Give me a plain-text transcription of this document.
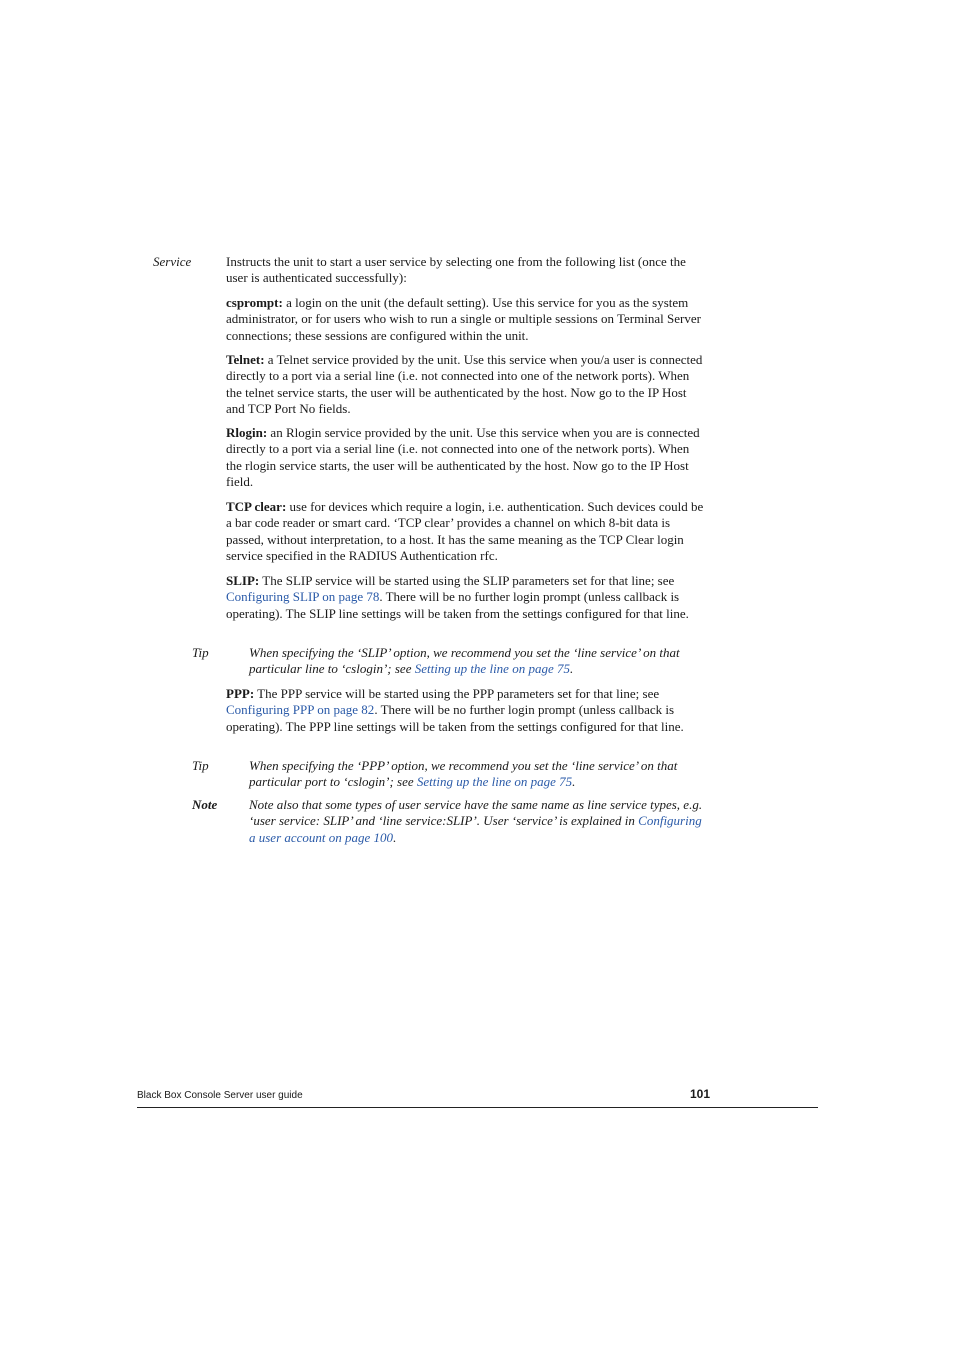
Service	Instructs the unit to start a user service by selecting one from the following list (once the user is authenticated successfully):

csprompt: a login on the unit (the default setting). Use this service for you as the system administrator, or for users who wish to run a single or multiple sessions on Terminal Server connections; these sessions are configured within the unit.

Telnet: a Telnet service provided by the unit. Use this service when you/a user is connected directly to a port via a serial line (i.e. not connected into one of the network ports). When the telnet service starts, the user will be authenticated by the host. Now go to the IP Host and TCP Port No fields.

Rlogin: an Rlogin service provided by the unit. Use this service when you are is connected directly to a port via a serial line (i.e. not connected into one of the network ports). When the rlogin service starts, the user will be authenticated by the host. Now go to the IP Host field.

TCP clear: use for devices which require a login, i.e. authentication. Such devices could be a bar code reader or smart card. ‘TCP clear’ provides a channel on which 8-bit data is passed, without interpretation, to a host. It has the same meaning as the TCP Clear login service specified in the RADIUS Authentication rfc.

SLIP: The SLIP service will be started using the SLIP parameters set for that line; see Configuring SLIP on page 78. There will be no further login prompt (unless callback is operating). The SLIP line settings will be taken from the settings configured for that line.

Tip	When specifying the ‘SLIP’ option, we recommend you set the ‘line service’ on that particular line to ‘cslogin’; see Setting up the line on page 75.

PPP: The PPP service will be started using the PPP parameters set for that line; see Configuring PPP on page 82. There will be no further login prompt (unless callback is operating). The PPP line settings will be taken from the settings configured for that line.

Tip	When specifying the ‘PPP’ option, we recommend you set the ‘line service’ on that particular port to ‘cslogin’; see Setting up the line on page 75.

Note Note also that some types of user service have the same name as line service types, e.g. ‘user service: SLIP’ and ‘line service:SLIP’. User ‘service’ is explained in Configuring a user account on page 100.

Black Box Console Server user guide	101
